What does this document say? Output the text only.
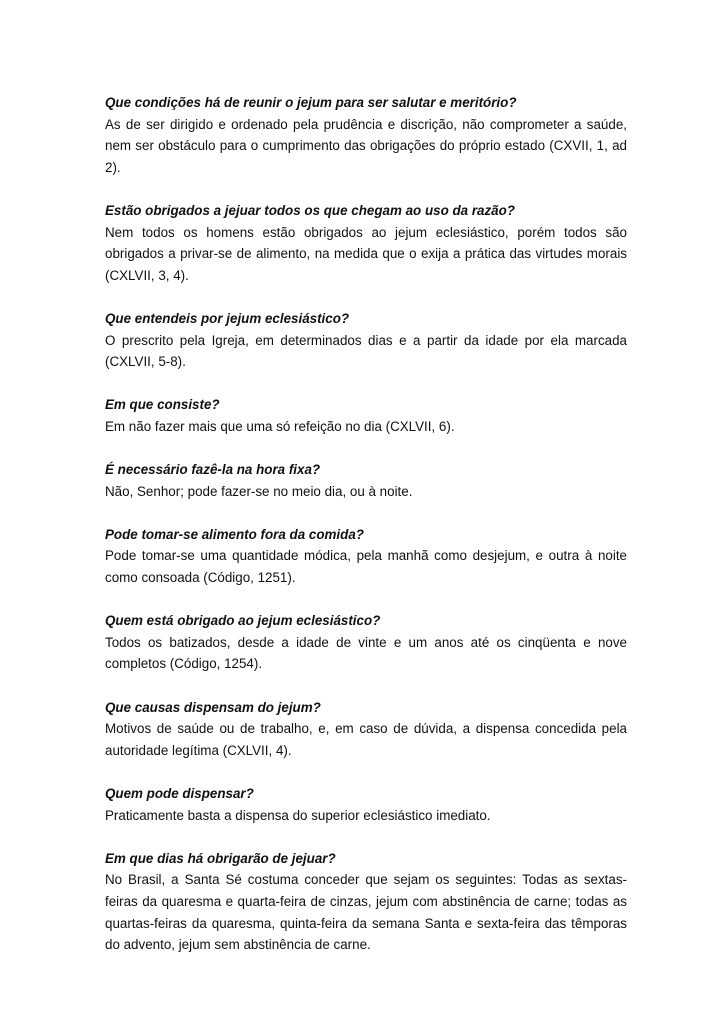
Que condições há de reunir o jejum para ser salutar e meritório?

As de ser dirigido e ordenado pela prudência e discrição, não comprometer a saúde, nem ser obstáculo para o cumprimento das obrigações do próprio estado (CXVII, 1, ad 2).

Estão obrigados a jejuar todos os que chegam ao uso da razão?

Nem todos os homens estão obrigados ao jejum eclesiástico, porém todos são obrigados a privar-se de alimento, na medida que o exija a prática das virtudes morais (CXLVII, 3, 4).

Que entendeis por jejum eclesiástico?

O prescrito pela Igreja, em determinados dias e a partir da idade por ela marcada (CXLVII, 5-8).

Em que consiste?

Em não fazer mais que uma só refeição no dia (CXLVII, 6).

É necessário fazê-la na hora fixa?

Não, Senhor; pode fazer-se no meio dia, ou à noite.

Pode tomar-se alimento fora da comida?

Pode tomar-se uma quantidade módica, pela manhã como desjejum, e outra à noite como consoada (Código, 1251).

Quem está obrigado ao jejum eclesiástico?

Todos os batizados, desde a idade de vinte e um anos até os cinqüenta e nove completos (Código, 1254).

Que causas dispensam do jejum?

Motivos de saúde ou de trabalho, e, em caso de dúvida, a dispensa concedida pela autoridade legítima (CXLVII, 4).

Quem pode dispensar?

Praticamente basta a dispensa do superior eclesiástico imediato.

Em que dias há obrigarão de jejuar?

No Brasil, a Santa Sé costuma conceder que sejam os seguintes: Todas as sextas-feiras da quaresma e quarta-feira de cinzas, jejum com abstinência de carne; todas as quartas-feiras da quaresma, quinta-feira da semana Santa e sexta-feira das têmporas do advento, jejum sem abstinência de carne.
